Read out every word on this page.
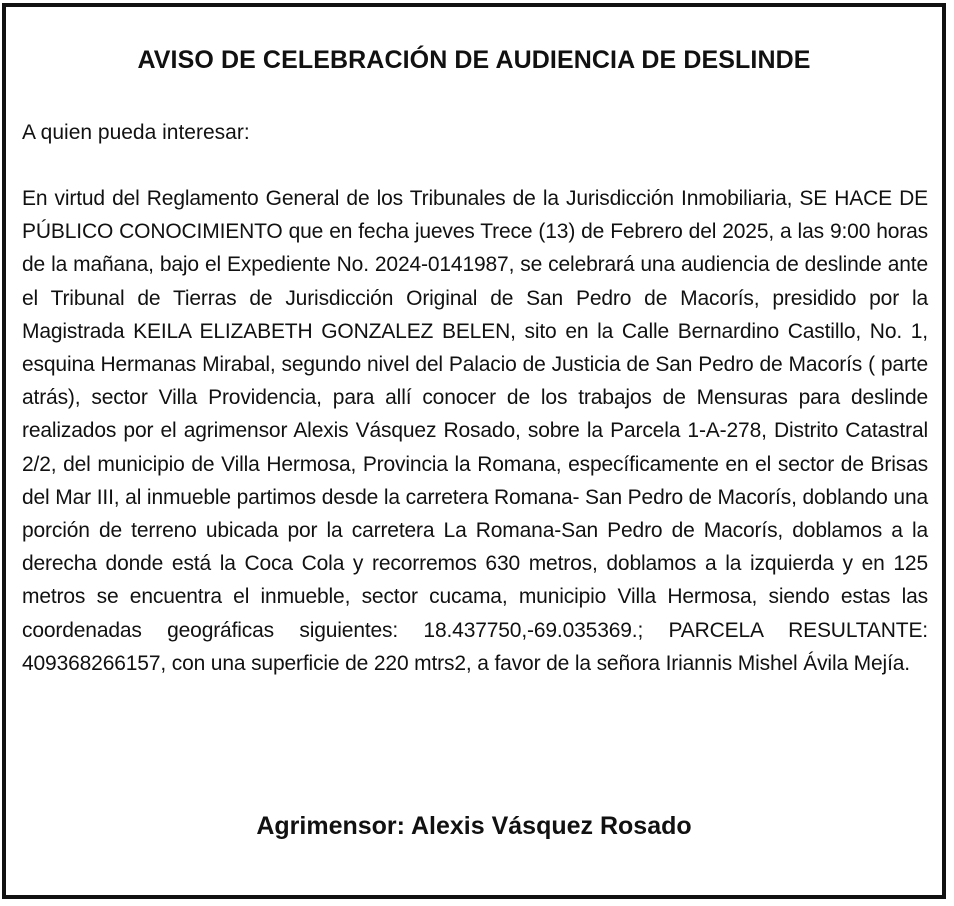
AVISO DE CELEBRACIÓN DE AUDIENCIA DE DESLINDE

A quien pueda interesar:

En virtud del Reglamento General de los Tribunales de la Jurisdicción Inmobiliaria, SE HACE DE PÚBLICO CONOCIMIENTO que en fecha jueves Trece (13) de Febrero del 2025, a las 9:00 horas de la mañana, bajo el Expediente No. 2024-0141987, se celebrará una audiencia de deslinde ante el Tribunal de Tierras de Jurisdicción Original de San Pedro de Macorís, presidido por la Magistrada KEILA ELIZABETH GONZALEZ BELEN, sito en la Calle Bernardino Castillo, No. 1, esquina Hermanas Mirabal, segundo nivel del Palacio de Justicia de San Pedro de Macorís ( parte atrás), sector Villa Providencia, para allí conocer de los trabajos de Mensuras para deslinde realizados por el agrimensor Alexis Vásquez Rosado, sobre la Parcela 1-A-278, Distrito Catastral 2/2, del municipio de Villa Hermosa, Provincia la Romana, específicamente en el sector de Brisas del Mar III, al inmueble partimos desde la carretera Romana- San Pedro de Macorís, doblando una porción de terreno ubicada por la carretera La Romana-San Pedro de Macorís, doblamos a la derecha donde está la Coca Cola y recorremos 630 metros, doblamos a la izquierda y en 125 metros se encuentra el inmueble, sector cucama, municipio Villa Hermosa, siendo estas las coordenadas geográficas siguientes: 18.437750,-69.035369.; PARCELA RESULTANTE: 409368266157, con una superficie de 220 mtrs2, a favor de la señora Iriannis Mishel Ávila Mejía.

Agrimensor: Alexis Vásquez Rosado
